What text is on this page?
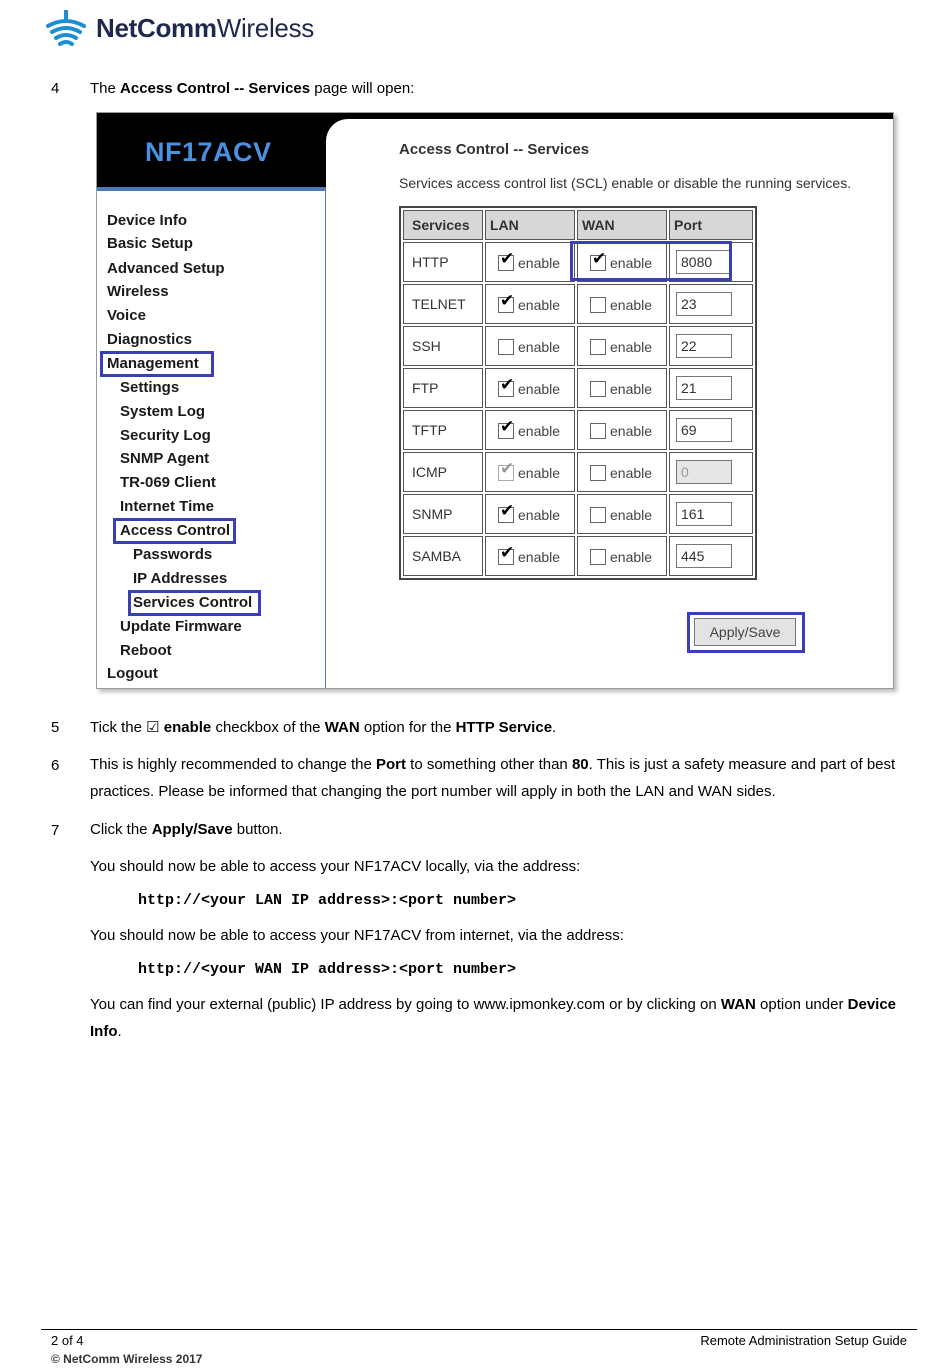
NetCommWireless
4 The Access Control -- Services page will open:
NF17ACV
Device Info
Basic Setup
Advanced Setup
Wireless
Voice
Diagnostics
Management
Settings
System Log
Security Log
SNMP Agent
TR-069 Client
Internet Time
Access Control
Passwords
IP Addresses
Services Control
Update Firmware
Reboot
Logout
Access Control -- Services
Services access control list (SCL) enable or disable the running services.
Services	LAN	WAN	Port
HTTP	✔enable	✔enable	8080

TELNET	✔enable	enable	23

SSH	enable	enable	22

FTP	✔enable	enable	21

TFTP	✔enable	enable	69

ICMP	✔enable	enable	0

SNMP	✔enable	enable	161

SAMBA	✔enable	enable	445
Apply/Save
5 Tick the ☑ enable checkbox of the WAN option for the HTTP Service.
6 This is highly recommended to change the Port to something other than 80. This is just a safety measure and part of best practices. Please be informed that changing the port number will apply in both the LAN and WAN sides.
7 Click the Apply/Save button.
You should now be able to access your NF17ACV locally, via the address:
http://<your LAN IP address>:<port number>
You should now be able to access your NF17ACV from internet, via the address:
http://<your WAN IP address>:<port number>
You can find your external (public) IP address by going to www.ipmonkey.com or by clicking on WAN option under Device Info.
2 of 4	Remote Administration Setup Guide
© NetComm Wireless 2017
